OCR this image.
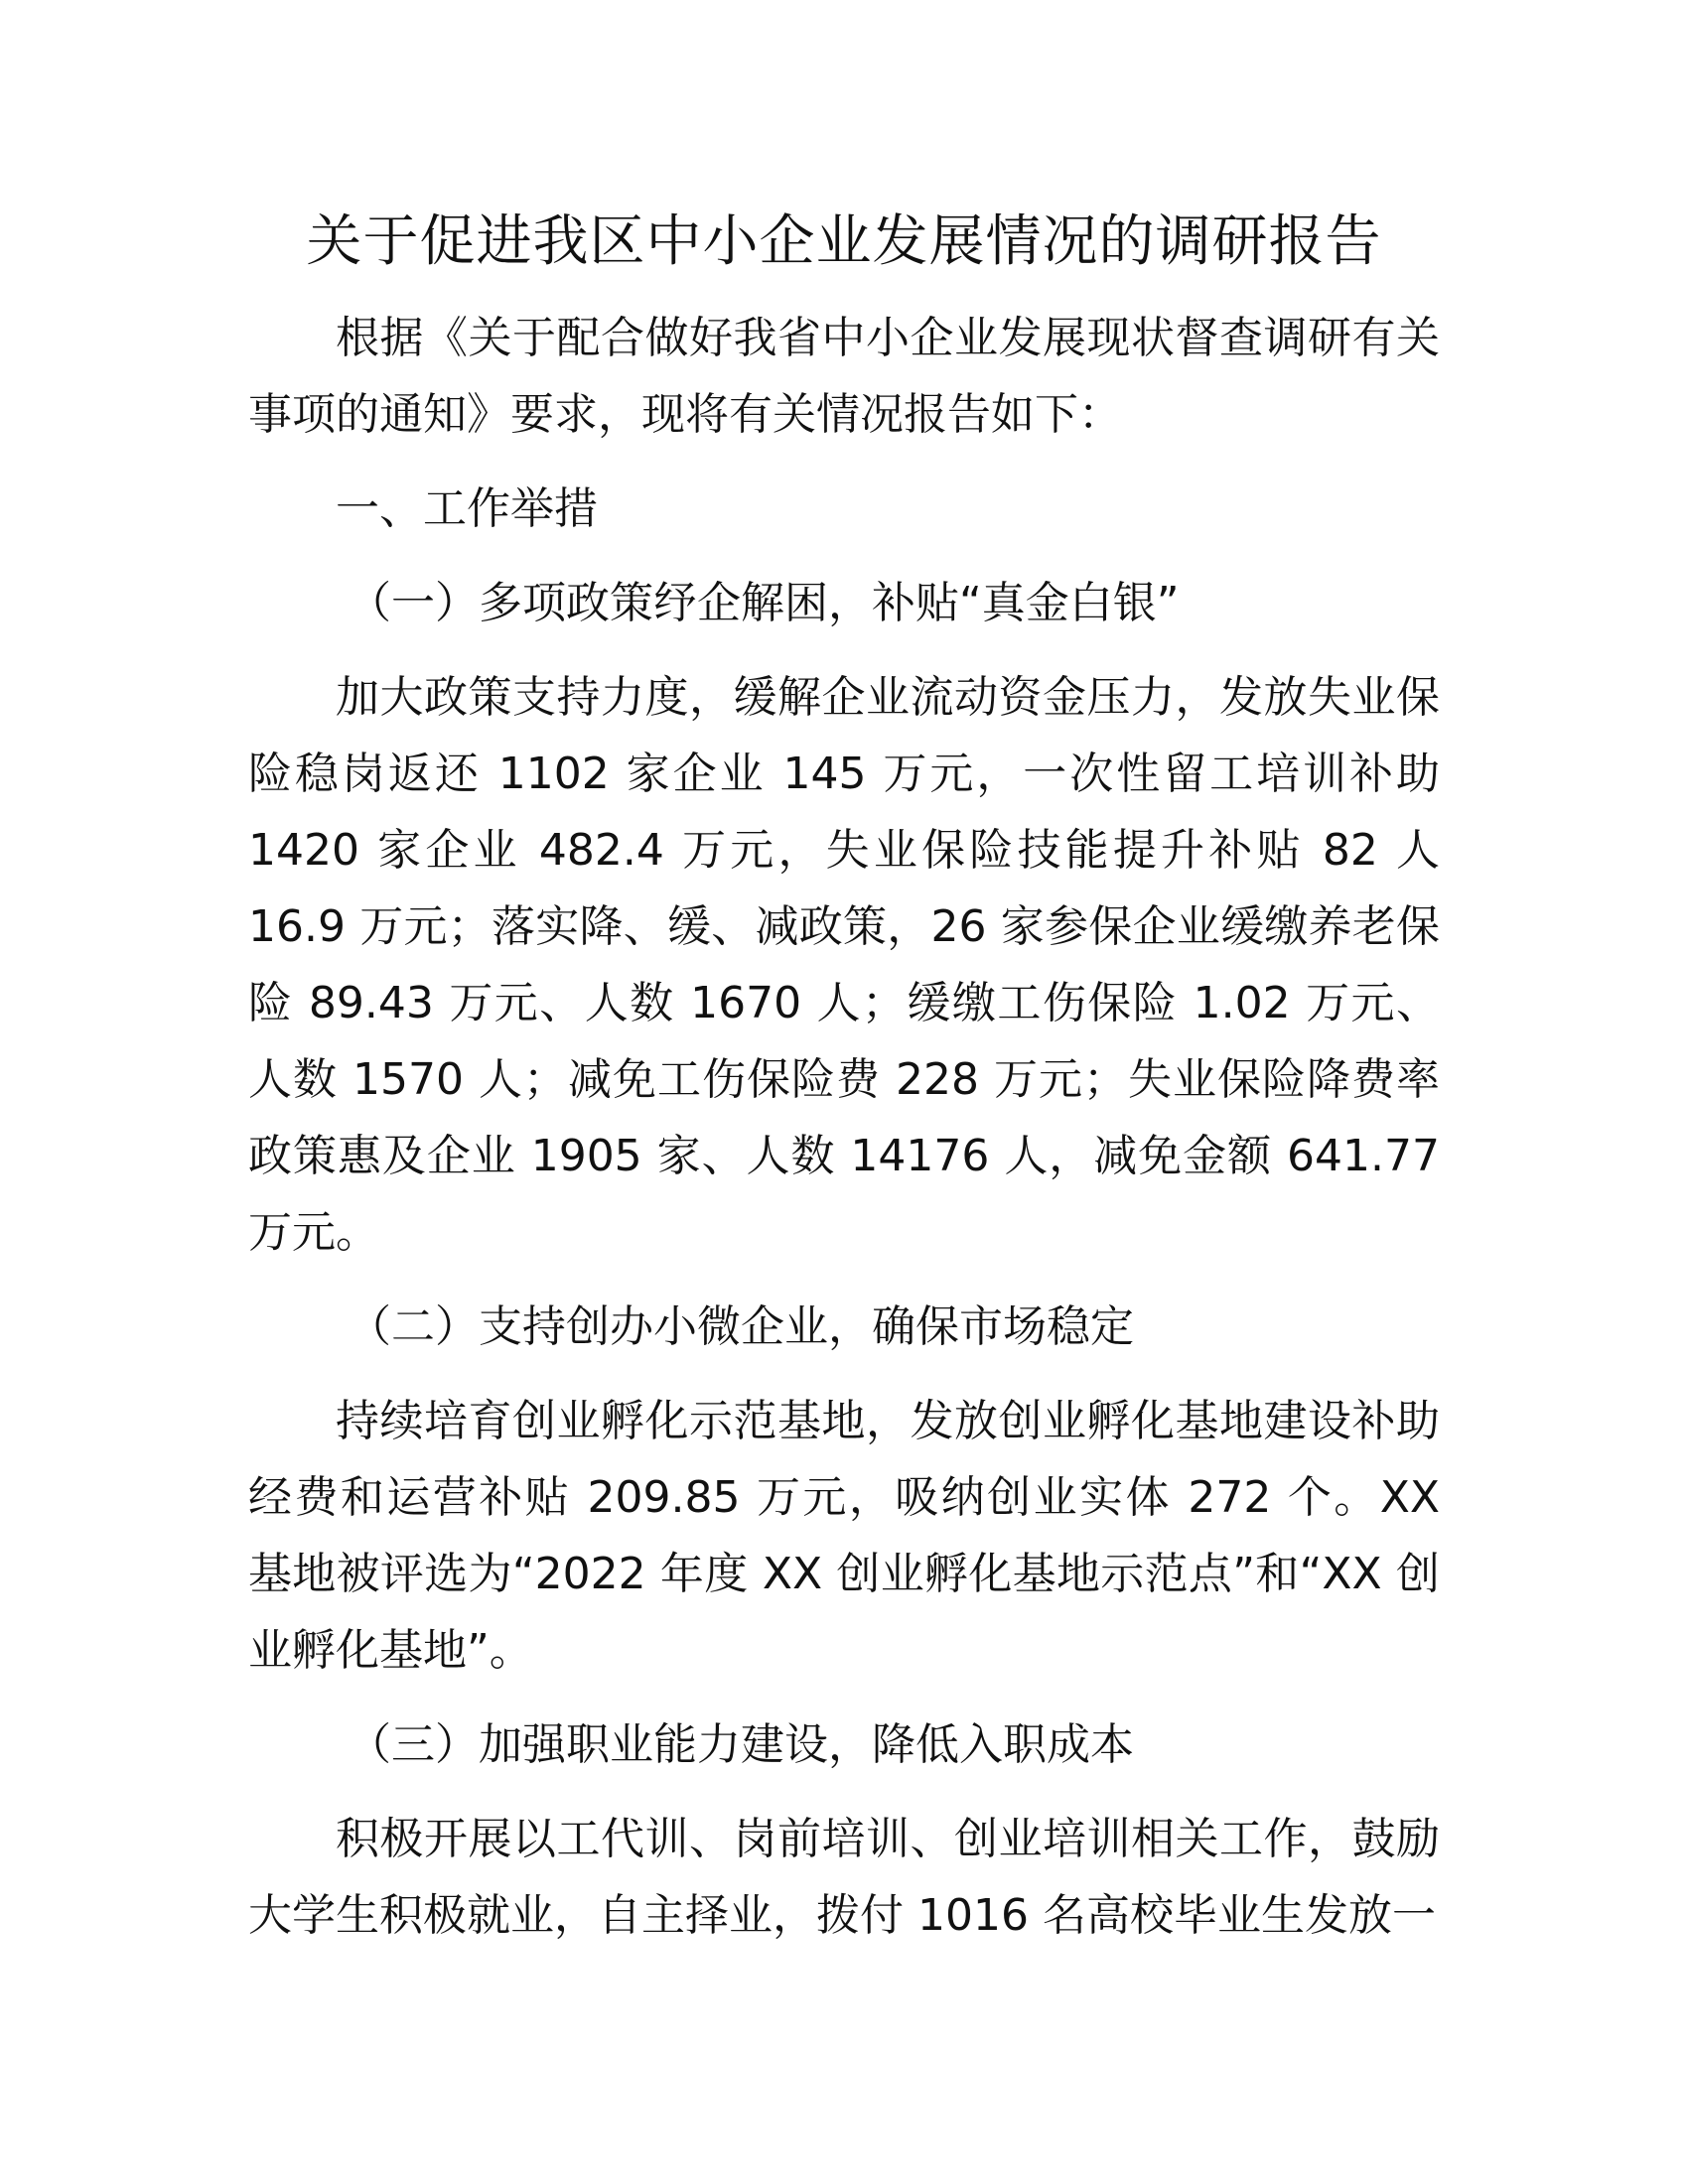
关于促进我区中小企业发展情况的调研报告

根据《关于配合做好我省中小企业发展现状督查调研有关事项的通知》要求，现将有关情况报告如下：

一、工作举措

（一）多项政策纾企解困，补贴“真金白银”

加大政策支持力度，缓解企业流动资金压力，发放失业保险稳岗返还 1102 家企业 145 万元，一次性留工培训补助 1420 家企业 482.4 万元，失业保险技能提升补贴 82 人 16.9 万元；落实降、缓、减政策，26 家参保企业缓缴养老保险 89.43 万元、人数 1670 人；缓缴工伤保险 1.02 万元、人数 1570 人；减免工伤保险费 228 万元；失业保险降费率政策惠及企业 1905 家、人数 14176 人，减免金额 641.77 万元。

（二）支持创办小微企业，确保市场稳定

持续培育创业孵化示范基地，发放创业孵化基地建设补助经费和运营补贴 209.85 万元，吸纳创业实体 272 个。XX 基地被评选为“2022 年度 XX 创业孵化基地示范点”和“XX 创业孵化基地”。

（三）加强职业能力建设，降低入职成本

积极开展以工代训、岗前培训、创业培训相关工作，鼓励大学生积极就业，自主择业，拨付 1016 名高校毕业生发放一
